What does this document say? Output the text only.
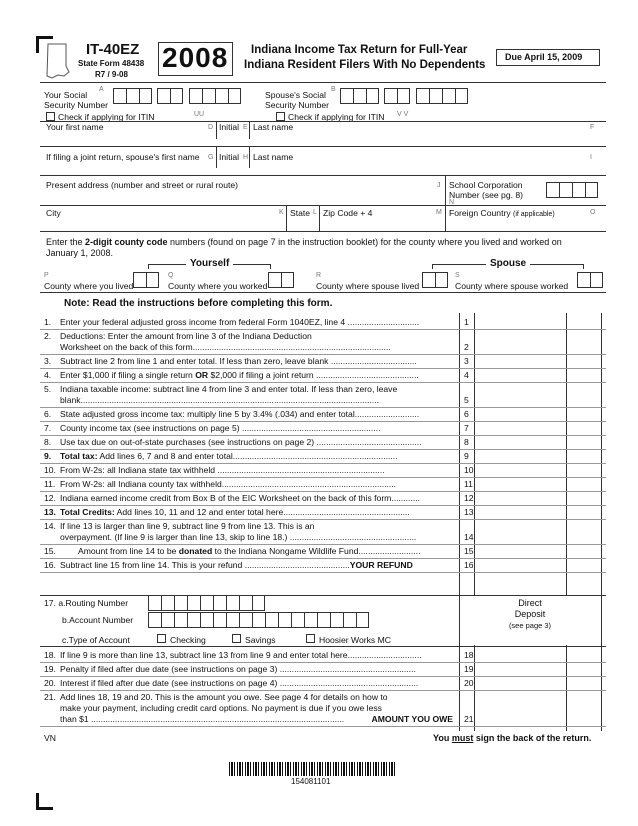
IT-40EZ
State Form 48438
R7 / 9-08
2008 Indiana Income Tax Return for Full-Year
Indiana Resident Filers With No Dependents
Due April 15, 2009
Your Social
Security Number
A
Spouse's Social
Security Number
B
Check if applying for ITIN	UU	Check if applying for ITIN V V
Your first name	D Initial E Last name	F
If filing a joint return, spouse's first name G Initial H Last name	I
Present address (number and street or rural route)	J School Corporation
Number (see pg. 8)
N
City	K State L Zip Code + 4	M Foreign Country (if applicable)	O
Enter the 2-digit county code numbers (found on page 7 in the instruction booklet) for the county where you lived and worked on
January 1, 2008.
Yourself	Spouse
P
County where you lived
Q
County where you worked
R
County where spouse lived
S
County where spouse worked
Note: Read the instructions before completing this form.
1. Enter your federal adjusted gross income from federal Form 1040EZ, line 4 ..............................	1
2. Deductions: Enter the amount from line 3 of the Indiana Deduction
Worksheet on the back of this form...................................................................................	2
3. Subtract line 2 from line 1 and enter total. If less than zero, leave blank ....................................	3
4. Enter $1,000 if filing a single return OR $2,000 if filing a joint return ...........................................	4
5. Indiana taxable income: subtract line 4 from line 3 and enter total. If less than zero, leave
blank.............................................................................................................................	5
6. State adjusted gross income tax: multiply line 5 by 3.4% (.034) and enter total...........................	6
7. County income tax (see instructions on page 5) ..........................................................	7
8. Use tax due on out-of-state purchases (see instructions on page 2) ............................................	8
9. Total tax: Add lines 6, 7 and 8 and enter total.....................................................................	9
10. From W-2s: all Indiana state tax withheld ......................................................................	10
11. From W-2s: all Indiana county tax withheld.........................................................................	11
12. Indiana earned income credit from Box B of the EIC Worksheet on the back of this form............	12
13. Total Credits: Add lines 10, 11 and 12 and enter total here.....................................................	13
14. If line 13 is larger than line 9, subtract line 9 from line 13. This is an
overpayment. (If line 9 is larger than line 13, skip to line 18.) .....................................................	14
15.	Amount from line 14 to be donated to the Indiana Nongame Wildlife Fund..........................	15
16. Subtract line 15 from line 14. This is your refund ............................................YOUR REFUND	16
17. a.Routing Number
b.Account Number
c.Type of Account	Checking	Savings	Hoosier Works MC
Direct
Deposit
(see page 3)
18. If line 9 is more than line 13, subtract line 13 from line 9 and enter total here...............................	18
19. Penalty if filed after due date (see instructions on page 3) .........................................................	19
20. Interest if filed after due date (see instructions on page 4) ..........................................................	20
21. Add lines 18, 19 and 20. This is the amount you owe. See page 4 for details on how to
make your payment, including credit card options. No payment is due if you owe less
than $1 ..........................................................................................................	AMOUNT YOU OWE 21
VN	You must sign the back of the return.
154081101
